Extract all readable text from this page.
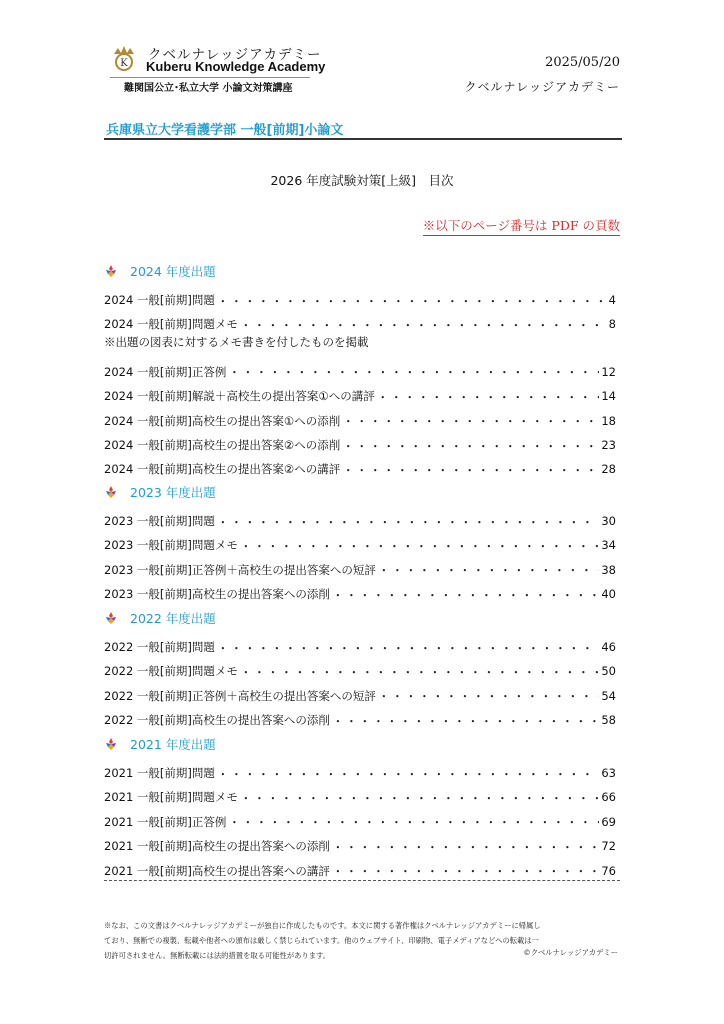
K
クベルナレッジアカデミー
Kuberu Knowledge Academy
難関国公立･私立大学 小論文対策講座
2025/05/20
クベルナレッジアカデミー
兵庫県立大学看護学部 一般[前期]小論文
2026 年度試験対策[上級]　目次
※以下のページ番号は PDF の頁数
2024 年度出題
2024 一般[前期]問題 ・・・・・・・・・・・・・・・・・・・・・・・・・・・・・・・・・・・・・・・・・・・・・・・・・・・・・・・・・・・・	4
2024 一般[前期]問題メモ ・・・・・・・・・・・・・・・・・・・・・・・・・・・・・・・・・・・・・・・・・・・・・・・・・・・・・・・・・・・・	8
2024 一般[前期]正答例 ・・・・・・・・・・・・・・・・・・・・・・・・・・・・・・・・・・・・・・・・・・・・・・・・・・・・・・・・・・・・	12
2024 一般[前期]解説＋高校生の提出答案①への講評 ・・・・・・・・・・・・・・・・・・・・・・・・・・・・・・・・・・・・・・・・・・・・・・・・・・・・・・・・・・・・	14
2024 一般[前期]高校生の提出答案①への添削 ・・・・・・・・・・・・・・・・・・・・・・・・・・・・・・・・・・・・・・・・・・・・・・・・・・・・・・・・・・・・	18
2024 一般[前期]高校生の提出答案②への添削 ・・・・・・・・・・・・・・・・・・・・・・・・・・・・・・・・・・・・・・・・・・・・・・・・・・・・・・・・・・・・	23
2024 一般[前期]高校生の提出答案②への講評 ・・・・・・・・・・・・・・・・・・・・・・・・・・・・・・・・・・・・・・・・・・・・・・・・・・・・・・・・・・・・	28
2023 年度出題
2023 一般[前期]問題 ・・・・・・・・・・・・・・・・・・・・・・・・・・・・・・・・・・・・・・・・・・・・・・・・・・・・・・・・・・・・	30
2023 一般[前期]問題メモ ・・・・・・・・・・・・・・・・・・・・・・・・・・・・・・・・・・・・・・・・・・・・・・・・・・・・・・・・・・・・	34
2023 一般[前期]正答例＋高校生の提出答案への短評 ・・・・・・・・・・・・・・・・・・・・・・・・・・・・・・・・・・・・・・・・・・・・・・・・・・・・・・・・・・・・	38
2023 一般[前期]高校生の提出答案への添削 ・・・・・・・・・・・・・・・・・・・・・・・・・・・・・・・・・・・・・・・・・・・・・・・・・・・・・・・・・・・・	40
2022 年度出題
2022 一般[前期]問題 ・・・・・・・・・・・・・・・・・・・・・・・・・・・・・・・・・・・・・・・・・・・・・・・・・・・・・・・・・・・・	46
2022 一般[前期]問題メモ ・・・・・・・・・・・・・・・・・・・・・・・・・・・・・・・・・・・・・・・・・・・・・・・・・・・・・・・・・・・・	50
2022 一般[前期]正答例＋高校生の提出答案への短評 ・・・・・・・・・・・・・・・・・・・・・・・・・・・・・・・・・・・・・・・・・・・・・・・・・・・・・・・・・・・・	54
2022 一般[前期]高校生の提出答案への添削 ・・・・・・・・・・・・・・・・・・・・・・・・・・・・・・・・・・・・・・・・・・・・・・・・・・・・・・・・・・・・	58
2021 年度出題
2021 一般[前期]問題 ・・・・・・・・・・・・・・・・・・・・・・・・・・・・・・・・・・・・・・・・・・・・・・・・・・・・・・・・・・・・	63
2021 一般[前期]問題メモ ・・・・・・・・・・・・・・・・・・・・・・・・・・・・・・・・・・・・・・・・・・・・・・・・・・・・・・・・・・・・	66
2021 一般[前期]正答例 ・・・・・・・・・・・・・・・・・・・・・・・・・・・・・・・・・・・・・・・・・・・・・・・・・・・・・・・・・・・・	69
2021 一般[前期]高校生の提出答案への添削 ・・・・・・・・・・・・・・・・・・・・・・・・・・・・・・・・・・・・・・・・・・・・・・・・・・・・・・・・・・・・	72
2021 一般[前期]高校生の提出答案への講評 ・・・・・・・・・・・・・・・・・・・・・・・・・・・・・・・・・・・・・・・・・・・・・・・・・・・・・・・・・・・・	76
※出題の図表に対するメモ書きを付したものを掲載
※なお、この文書はクベルナレッジアカデミーが独自に作成したものです。本文に関する著作権はクベルナレッジアカデミーに帰属し
ており、無断での複製、転載や他者への頒布は厳しく禁じられています。他のウェブサイト、印刷物、電子メディアなどへの転載は一
切許可されません。無断転載には法的措置を取る可能性があります。	©クベルナレッジアカデミー
